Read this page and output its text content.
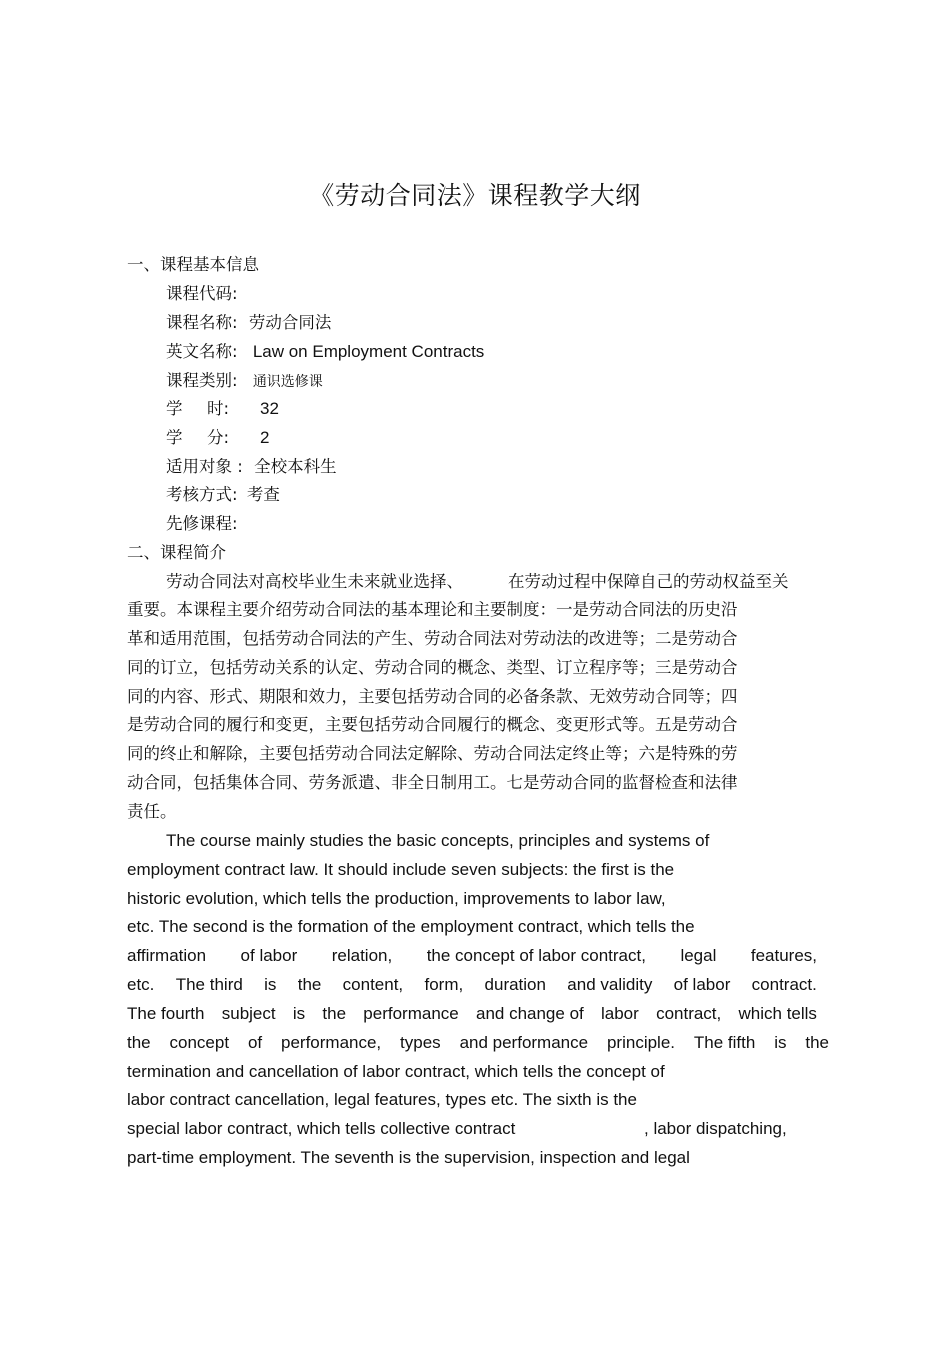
《劳动合同法》课程教学大纲
一、课程基本信息
课程代码:
课程名称: 劳动合同法
英文名称: Law on Employment Contracts
课程类别: 通识选修课
学 时: 32
学 分: 2
适用对象 : 全校本科生
考核方式: 考查
先修课程:
二、课程简介
劳动合同法对高校毕业生未来就业选择、	在劳动过程中保障自己的劳动权益至关
重要。本课程主要介绍劳动合同法的基本理论和主要制度：一是劳动合同法的历史沿
革和适用范围，包括劳动合同法的产生、劳动合同法对劳动法的改进等；二是劳动合
同的订立，包括劳动关系的认定、劳动合同的概念、类型、订立程序等；三是劳动合
同的内容、形式、期限和效力，主要包括劳动合同的必备条款、无效劳动合同等；四
是劳动合同的履行和变更，主要包括劳动合同履行的概念、变更形式等。五是劳动合
同的终止和解除，主要包括劳动合同法定解除、劳动合同法定终止等；六是特殊的劳
动合同，包括集体合同、劳务派遣、非全日制用工。七是劳动合同的监督检查和法律
责任。
The course mainly studies the basic concepts, principles and systems of
employment contract law. It should include seven subjects: the first is the
historic evolution, which tells the production, improvements to labor law,
etc. The second is the formation of the employment contract, which tells the
affirmation of labor relation, the concept of labor contract, legal features,
etc. The third is the content, form, duration and validity of labor contract.
The fourth subject is the performance and change of labor contract, which tells
the concept of performance, types and performance principle. The fifth is the
termination and cancellation of labor contract, which tells the concept of
labor contract cancellation, legal features, types etc. The sixth is the
special labor contract, which tells collective contract	, labor dispatching,
part-time employment. The seventh is the supervision, inspection and legal
